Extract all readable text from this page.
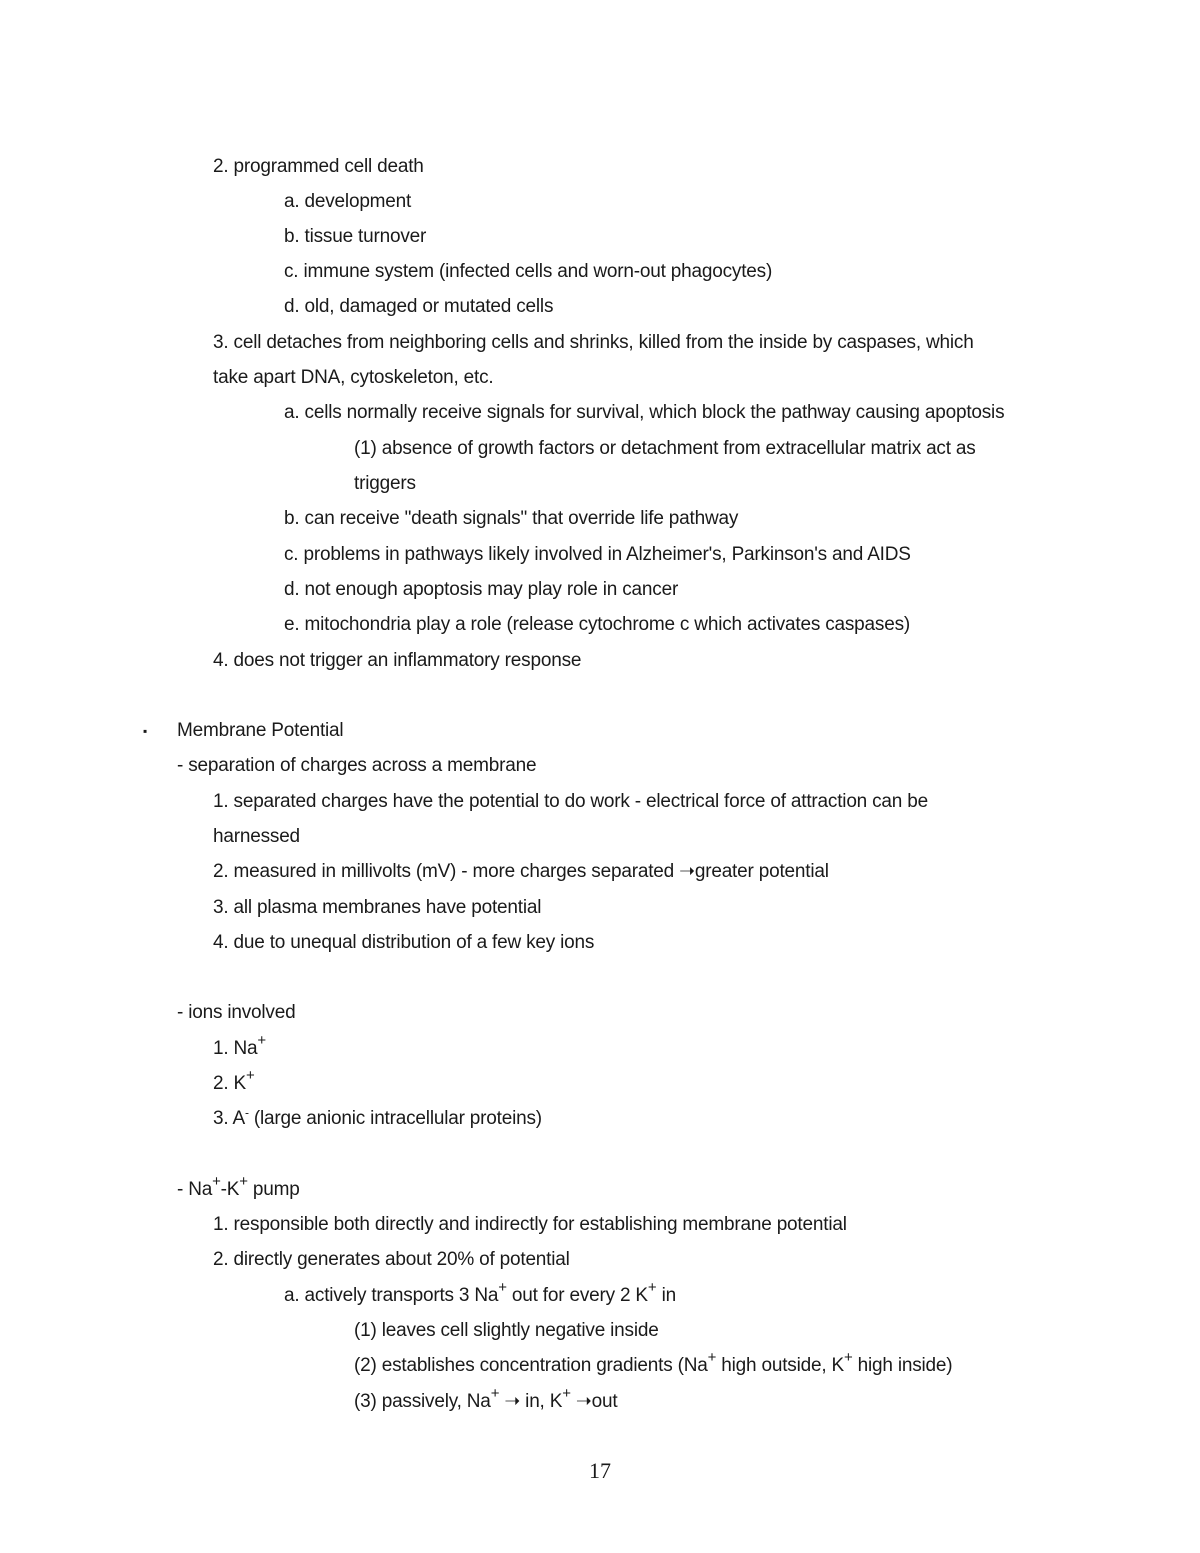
2. programmed cell death
a. development
b. tissue turnover
c. immune system (infected cells and worn-out phagocytes)
d. old, damaged or mutated cells
3. cell detaches from neighboring cells and shrinks, killed from the inside by caspases, which
take apart DNA, cytoskeleton, etc.
a. cells normally receive signals for survival, which block the pathway causing apoptosis
(1) absence of growth factors or detachment from extracellular matrix act as
triggers
b. can receive "death signals" that override life pathway
c. problems in pathways likely involved in Alzheimer's, Parkinson's and AIDS
d. not enough apoptosis may play role in cancer
e. mitochondria play a role (release cytochrome c which activates caspases)
4. does not trigger an inflammatory response
▪ Membrane Potential
- separation of charges across a membrane
1. separated charges have the potential to do work - electrical force of attraction can be
harnessed
2. measured in millivolts (mV) - more charges separated ➝greater potential
3. all plasma membranes have potential
4. due to unequal distribution of a few key ions
- ions involved
1. Na+
2. K+
3. A- (large anionic intracellular proteins)
- Na+-K+ pump
1. responsible both directly and indirectly for establishing membrane potential
2. directly generates about 20% of potential
a. actively transports 3 Na+ out for every 2 K+ in
(1) leaves cell slightly negative inside
(2) establishes concentration gradients (Na+ high outside, K+ high inside)
(3) passively, Na+ ➝ in, K+ ➝out
17
